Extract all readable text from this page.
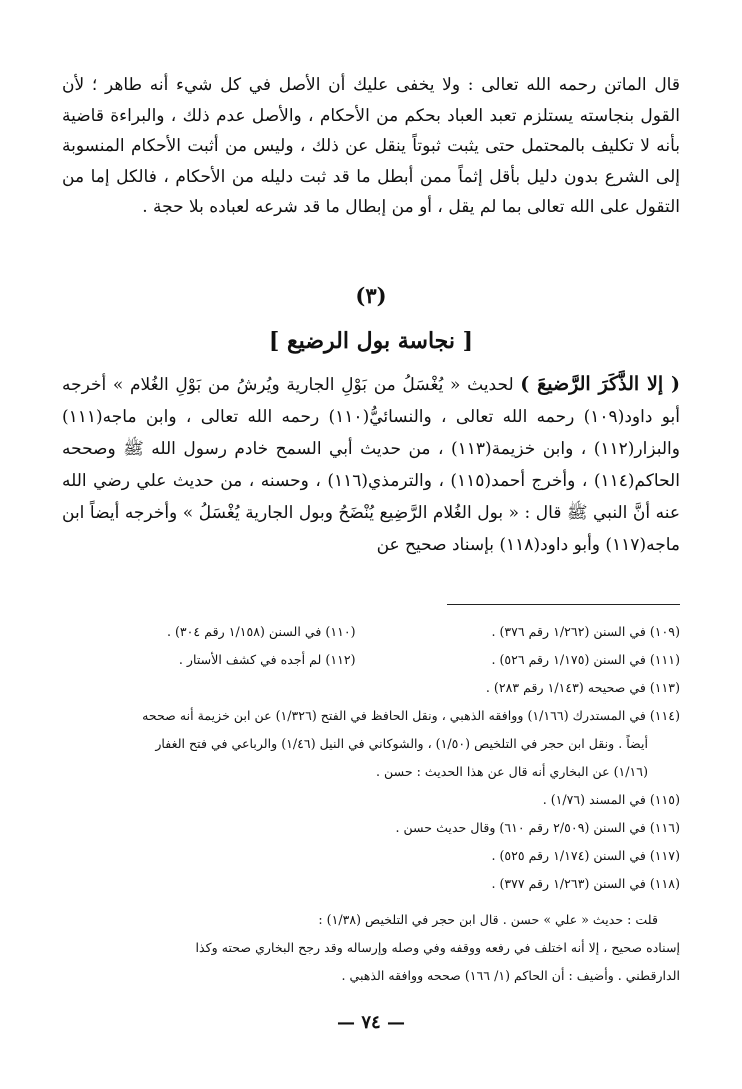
قال الماتن رحمه الله تعالى : ولا يخفى عليك أن الأصل في كل شيء أنه طاهر ؛ لأن القول بنجاسته يستلزم تعبد العباد بحكم من الأحكام ، والأصل عدم ذلك ، والبراءة قاضية بأنه لا تكليف بالمحتمل حتى يثبت ثبوتاً ينقل عن ذلك ، وليس من أثبت الأحكام المنسوبة إلى الشرع بدون دليل بأقل إثماً ممن أبطل ما قد ثبت دليله من الأحكام ، فالكل إما من التقول على الله تعالى بما لم يقل ، أو من إبطال ما قد شرعه لعباده بلا حجة .

(٣)
[ نجاسة بول الرضيع ]

( إلا الذَّكَرَ الرَّضيعَ ) لحديث « يُغْسَلُ من بَوْلِ الجارية ويُرشُ من بَوْلِ الغُلام » أخرجه أبو داود(١٠٩) رحمه الله تعالى ، والنسائيُّ(١١٠) رحمه الله تعالى ، وابن ماجه(١١١) والبزار(١١٢) ، وابن خزيمة(١١٣) ، من حديث أبي السمح خادم رسول الله ﷺ وصححه الحاكم(١١٤) ، وأخرج أحمد(١١٥) ، والترمذي(١١٦) ، وحسنه ، من حديث علي رضي الله عنه أنَّ النبي ﷺ قال : « بول الغُلام الرَّضِيع يُنْضَحُ وبول الجارية يُغْسَلُ » وأخرجه أيضاً ابن ماجه(١١٧) وأبو داود(١١٨) بإسناد صحيح عن

(١٠٩) في السنن (١/٢٦٢ رقم ٣٧٦) .
(١١٠) في السنن (١/١٥٨ رقم ٣٠٤) .
(١١١) في السنن (١/١٧٥ رقم ٥٢٦) .
(١١٢) لم أجده في كشف الأستار .
(١١٣) في صحيحه (١/١٤٣ رقم ٢٨٣) .
(١١٤) في المستدرك (١/١٦٦) ووافقه الذهبي ، ونقل الحافظ في الفتح (١/٣٢٦) عن ابن خزيمة أنه صححه
أيضاً . ونقل ابن حجر في التلخيص (١/٥٠) ، والشوكاني في النيل (١/٤٦) والرباعي في فتح الغفار
(١/١٦) عن البخاري أنه قال عن هذا الحديث : حسن .
(١١٥) في المسند (١/٧٦) .
(١١٦) في السنن (٢/٥٠٩ رقم ٦١٠) وقال حديث حسن .
(١١٧) في السنن (١/١٧٤ رقم ٥٢٥) .
(١١٨) في السنن (١/٢٦٣ رقم ٣٧٧) .
قلت : حديث « علي » حسن . قال ابن حجر في التلخيص (١/٣٨) :
إسناده صحيح ، إلا أنه اختلف في رفعه ووقفه وفي وصله وإرساله وقد رجح البخاري صحته وكذا
الدارقطني . وأضيف : أن الحاكم (١/ ١٦٦) صححه ووافقه الذهبي .
— ٧٤ —
